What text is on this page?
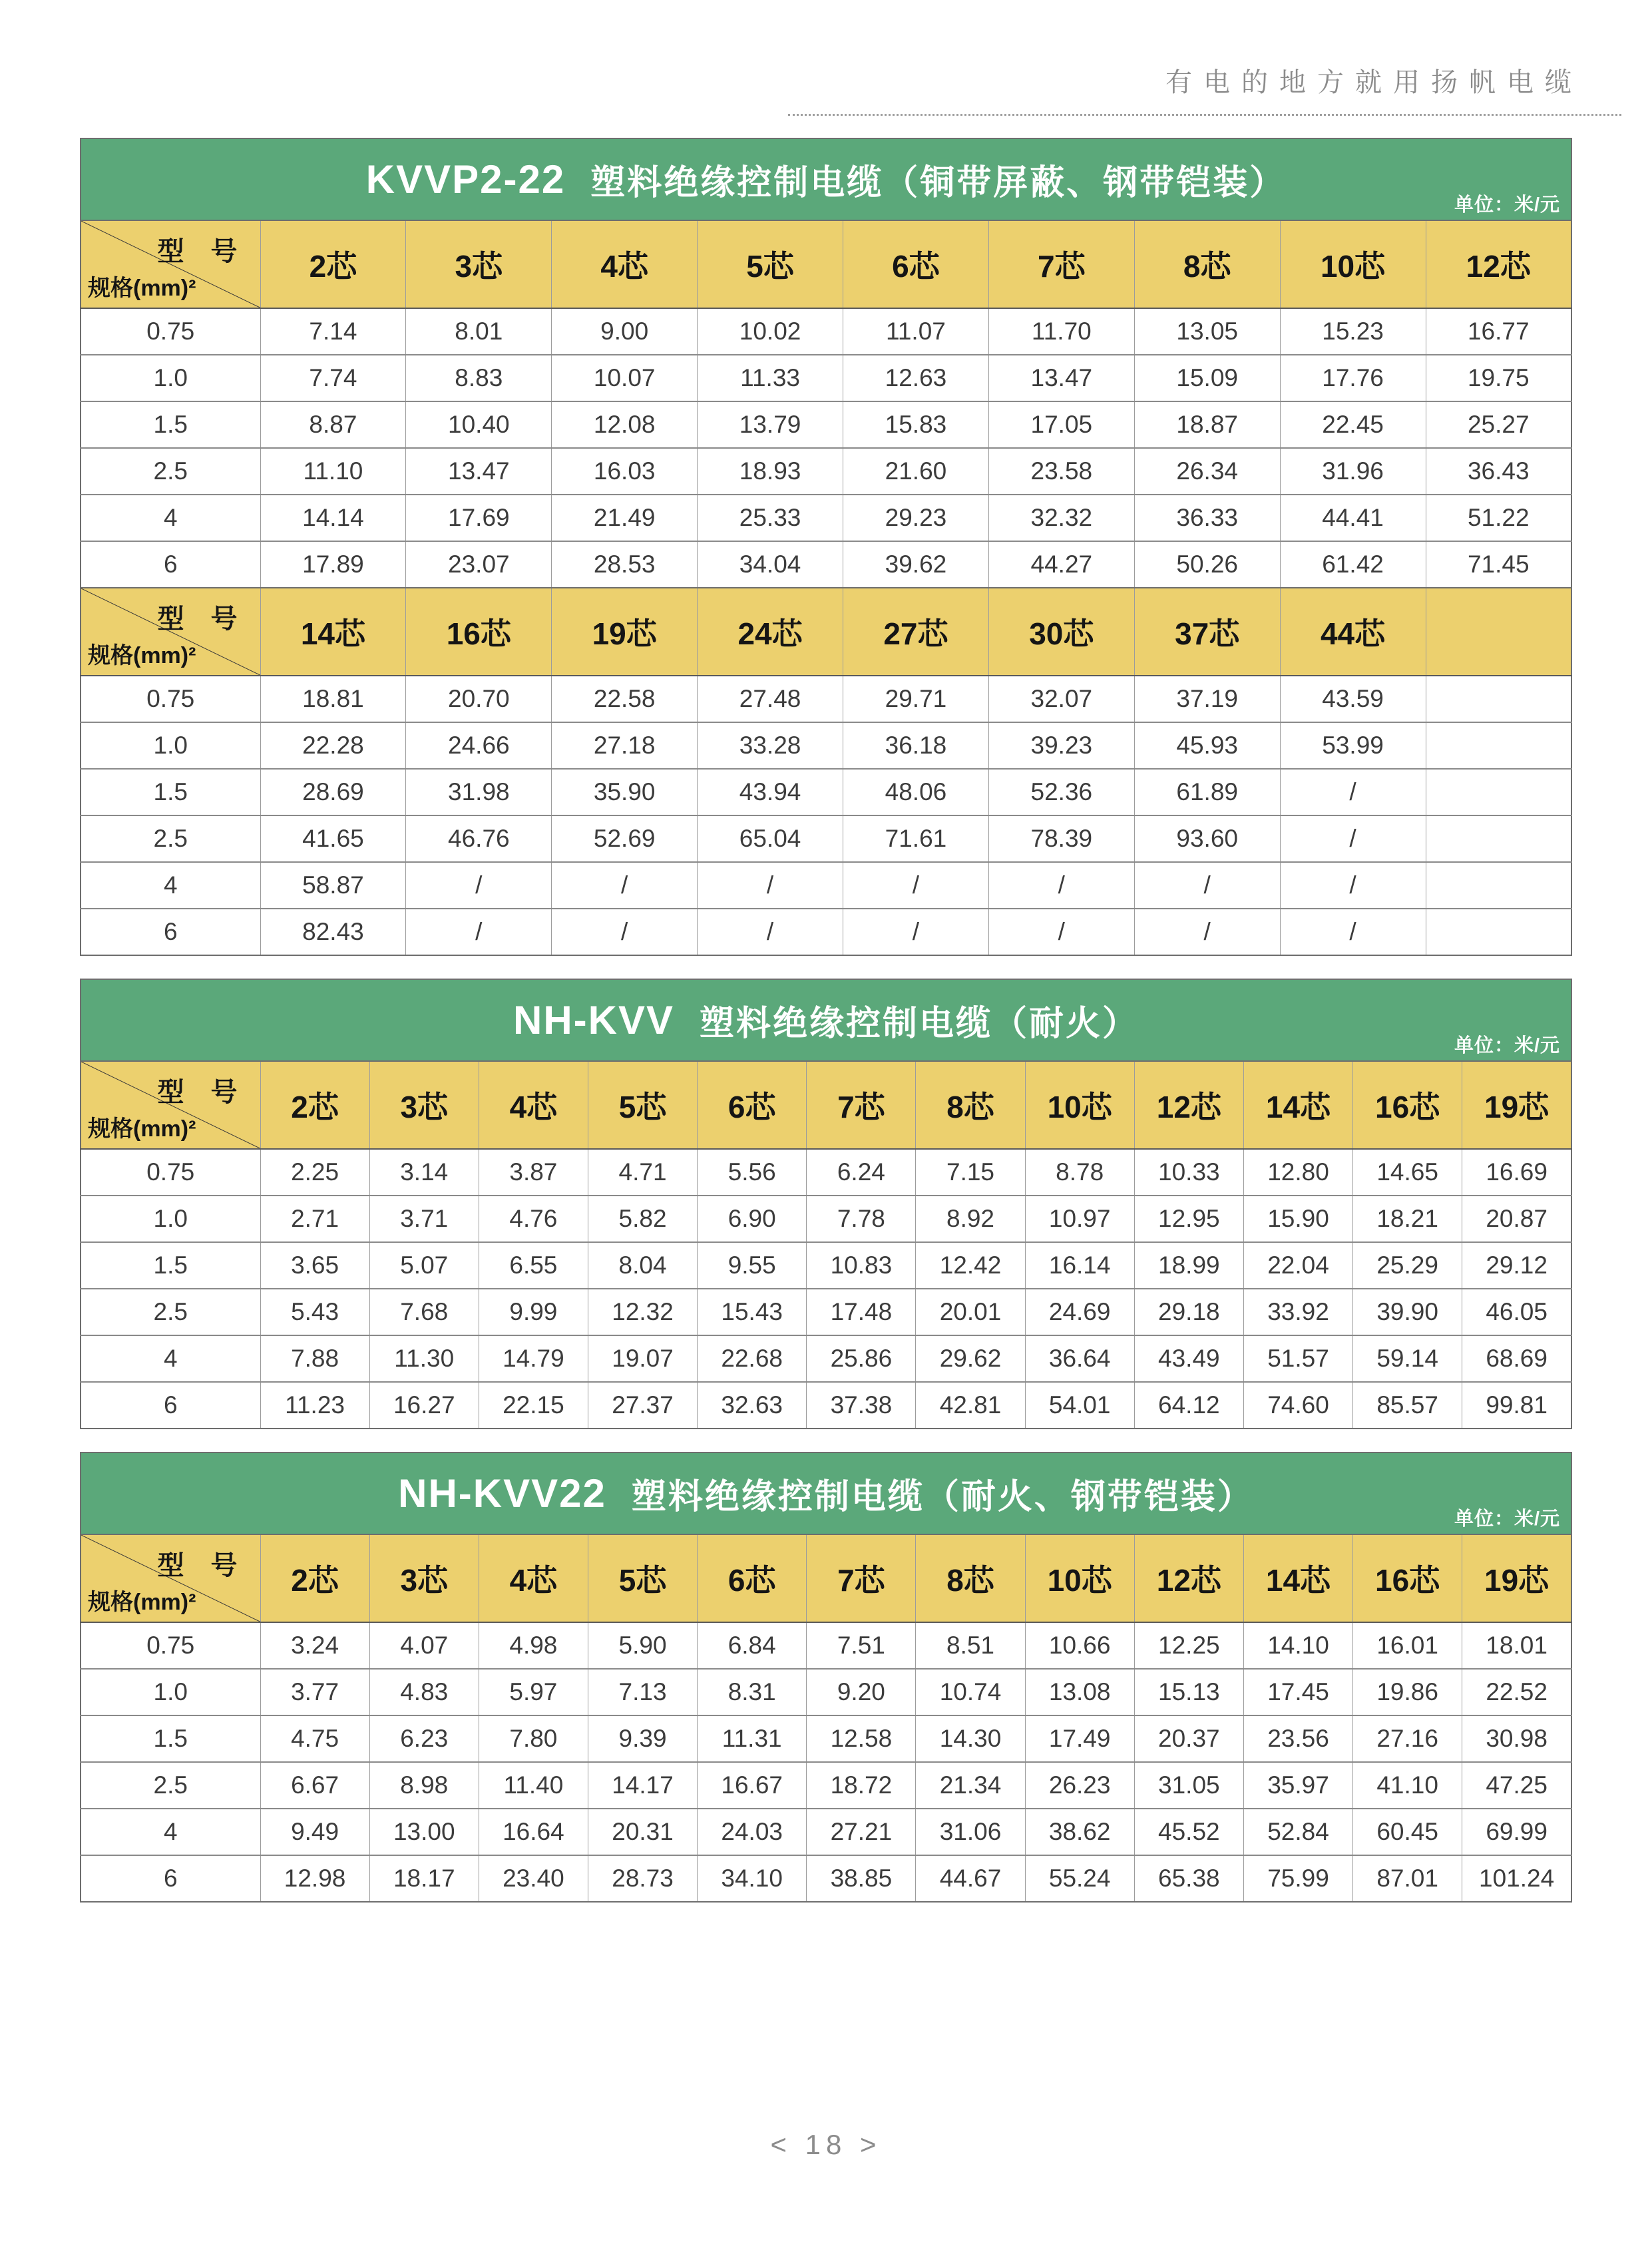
有电的地方就用扬帆电缆
KVVP2-22 塑料绝缘控制电缆（铜带屏蔽、钢带铠装）
单位：米/元
型　号
规格(mm)²	2芯	3芯	4芯	5芯	6芯	7芯	8芯	10芯	12芯
0.75	7.14	8.01	9.00	10.02	11.07	11.70	13.05	15.23	16.77
1.0	7.74	8.83	10.07	11.33	12.63	13.47	15.09	17.76	19.75
1.5	8.87	10.40	12.08	13.79	15.83	17.05	18.87	22.45	25.27
2.5	11.10	13.47	16.03	18.93	21.60	23.58	26.34	31.96	36.43
4	14.14	17.69	21.49	25.33	29.23	32.32	36.33	44.41	51.22
6	17.89	23.07	28.53	34.04	39.62	44.27	50.26	61.42	71.45
型　号
规格(mm)²	14芯	16芯	19芯	24芯	27芯	30芯	37芯	44芯	
0.75	18.81	20.70	22.58	27.48	29.71	32.07	37.19	43.59	
1.0	22.28	24.66	27.18	33.28	36.18	39.23	45.93	53.99	
1.5	28.69	31.98	35.90	43.94	48.06	52.36	61.89	/	
2.5	41.65	46.76	52.69	65.04	71.61	78.39	93.60	/	
4	58.87	/	/	/	/	/	/	/	
6	82.43	/	/	/	/	/	/	/	
NH-KVV 塑料绝缘控制电缆（耐火）
单位：米/元
型　号
规格(mm)²	2芯	3芯	4芯	5芯	6芯	7芯	8芯	10芯	12芯	14芯	16芯	19芯
0.75	2.25	3.14	3.87	4.71	5.56	6.24	7.15	8.78	10.33	12.80	14.65	16.69
1.0	2.71	3.71	4.76	5.82	6.90	7.78	8.92	10.97	12.95	15.90	18.21	20.87
1.5	3.65	5.07	6.55	8.04	9.55	10.83	12.42	16.14	18.99	22.04	25.29	29.12
2.5	5.43	7.68	9.99	12.32	15.43	17.48	20.01	24.69	29.18	33.92	39.90	46.05
4	7.88	11.30	14.79	19.07	22.68	25.86	29.62	36.64	43.49	51.57	59.14	68.69
6	11.23	16.27	22.15	27.37	32.63	37.38	42.81	54.01	64.12	74.60	85.57	99.81
NH-KVV22 塑料绝缘控制电缆（耐火、钢带铠装）
单位：米/元
型　号
规格(mm)²	2芯	3芯	4芯	5芯	6芯	7芯	8芯	10芯	12芯	14芯	16芯	19芯
0.75	3.24	4.07	4.98	5.90	6.84	7.51	8.51	10.66	12.25	14.10	16.01	18.01
1.0	3.77	4.83	5.97	7.13	8.31	9.20	10.74	13.08	15.13	17.45	19.86	22.52
1.5	4.75	6.23	7.80	9.39	11.31	12.58	14.30	17.49	20.37	23.56	27.16	30.98
2.5	6.67	8.98	11.40	14.17	16.67	18.72	21.34	26.23	31.05	35.97	41.10	47.25
4	9.49	13.00	16.64	20.31	24.03	27.21	31.06	38.62	45.52	52.84	60.45	69.99
6	12.98	18.17	23.40	28.73	34.10	38.85	44.67	55.24	65.38	75.99	87.01	101.24
< 18 >
